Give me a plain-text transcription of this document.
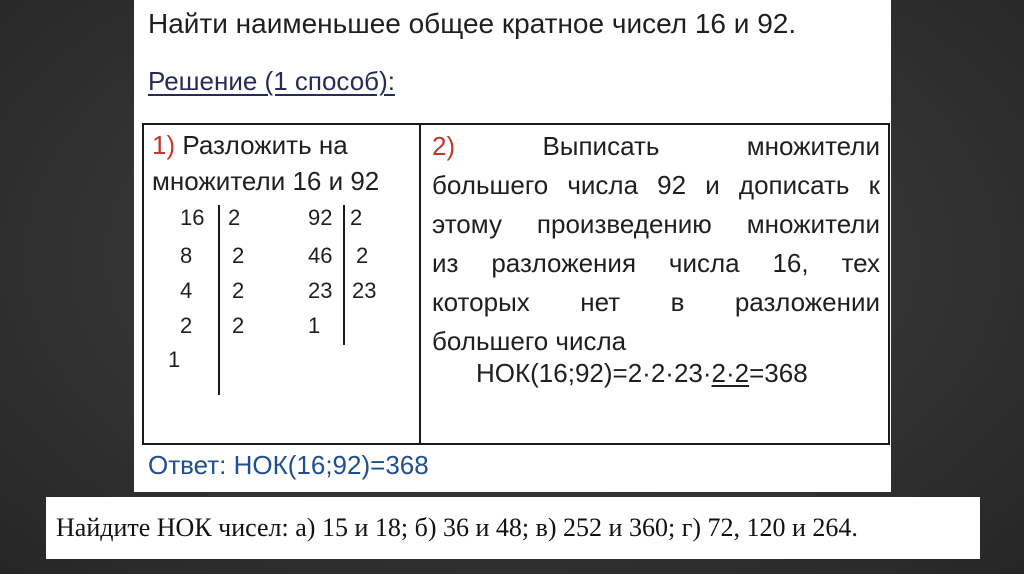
Найти наименьшее общее кратное чисел 16 и 92.
Решение (1 способ):
1) Разложить на
множители 16 и 92
16
8
4
2
1
2
2
2
2
92
46
23
1
2
2
23
2)	Выписать множители
большего числа 92 и дописать к
этому произведению множители
из разложения числа 16, тех
которых нет в разложении
большего числа
НОК(16;92)=2·2·23·2·2=368
Ответ: НОК(16;92)=368
Найдите НОК чисел: а) 15 и 18; б) 36 и 48; в) 252 и 360; г) 72, 120 и 264.
